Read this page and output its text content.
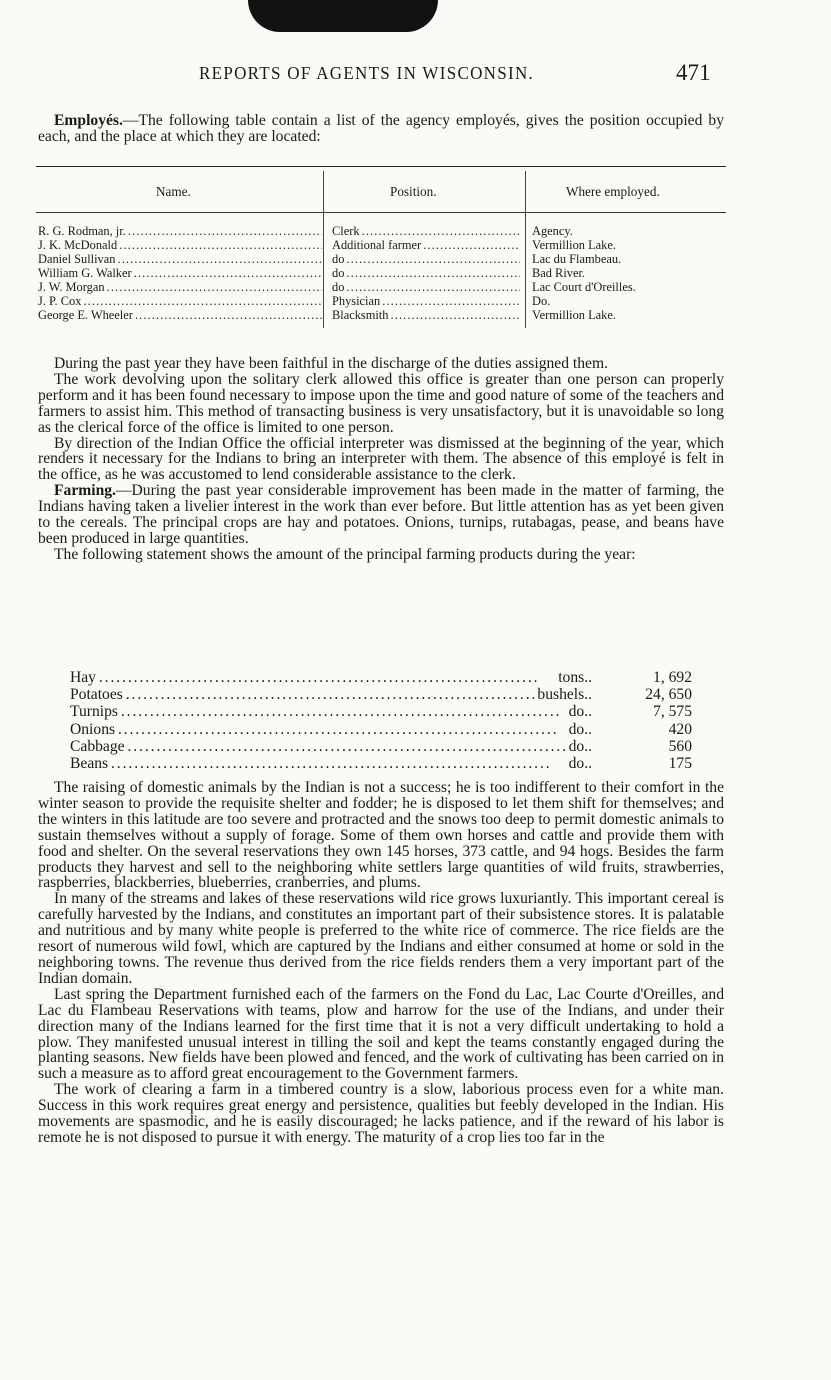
REPORTS OF AGENTS IN WISCONSIN.	471

Employés.—The following table contain a list of the agency employés, gives the position occupied by each, and the place at which they are located:

Name.	Position.	Where employed.
R. G. Rodman, jr. . . .	Clerk . . .	Agency.
J. K. McDonald . . .	Additional farmer . . .	Vermillion Lake.
Daniel Sullivan . . .	do . . .	Lac du Flambeau.
William G. Walker . . .	do . . .	Bad River.
J. W. Morgan . . .	do . . .	Lac Court d'Oreilles.
J. P. Cox . . .	Physician . . .	Do.
George E. Wheeler . . .	Blacksmith . . .	Vermillion Lake.

During the past year they have been faithful in the discharge of the duties assigned them.

The work devolving upon the solitary clerk allowed this office is greater than one person can properly perform and it has been found necessary to impose upon the time and good nature of some of the teachers and farmers to assist him. This method of transacting business is very unsatisfactory, but it is unavoidable so long as the clerical force of the office is limited to one person.

By direction of the Indian Office the official interpreter was dismissed at the beginning of the year, which renders it necessary for the Indians to bring an interpreter with them. The absence of this employé is felt in the office, as he was accustomed to lend considerable assistance to the clerk.

Farming.—During the past year considerable improvement has been made in the matter of farming, the Indians having taken a livelier interest in the work than ever before. But little attention has as yet been given to the cereals. The principal crops are hay and potatoes. Onions, turnips, rutabagas, pease, and beans have been produced in large quantities.

The following statement shows the amount of the principal farming products during the year:

Hay . . .	tons ..	1, 692
Potatoes . . .	bushels ..	24, 650
Turnips . . .	do ..	7, 575
Onions . . .	do ..	420
Cabbage . . .	do ..	560
Beans . . .	do ..	175

The raising of domestic animals by the Indian is not a success; he is too indifferent to their comfort in the winter season to provide the requisite shelter and fodder; he is disposed to let them shift for themselves; and the winters in this latitude are too severe and protracted and the snows too deep to permit domestic animals to sustain themselves without a supply of forage. Some of them own horses and cattle and provide them with food and shelter. On the several reservations they own 145 horses, 373 cattle, and 94 hogs. Besides the farm products they harvest and sell to the neighboring white settlers large quantities of wild fruits, strawberries, raspberries, blackberries, blueberries, cranberries, and plums.

In many of the streams and lakes of these reservations wild rice grows luxuriantly. This important cereal is carefully harvested by the Indians, and constitutes an important part of their subsistence stores. It is palatable and nutritious and by many white people is preferred to the white rice of commerce. The rice fields are the resort of numerous wild fowl, which are captured by the Indians and either consumed at home or sold in the neighboring towns. The revenue thus derived from the rice fields renders them a very important part of the Indian domain.

Last spring the Department furnished each of the farmers on the Fond du Lac, Lac Courte d'Oreilles, and Lac du Flambeau Reservations with teams, plow and harrow for the use of the Indians, and under their direction many of the Indians learned for the first time that it is not a very difficult undertaking to hold a plow. They manifested unusual interest in tilling the soil and kept the teams constantly engaged during the planting seasons. New fields have been plowed and fenced, and the work of cultivating has been carried on in such a measure as to afford great encouragement to the Government farmers.

The work of clearing a farm in a timbered country is a slow, laborious process even for a white man. Success in this work requires great energy and persistence, qualities but feebly developed in the Indian. His movements are spasmodic, and he is easily discouraged; he lacks patience, and if the reward of his labor is remote he is not disposed to pursue it with energy. The maturity of a crop lies too far in the
